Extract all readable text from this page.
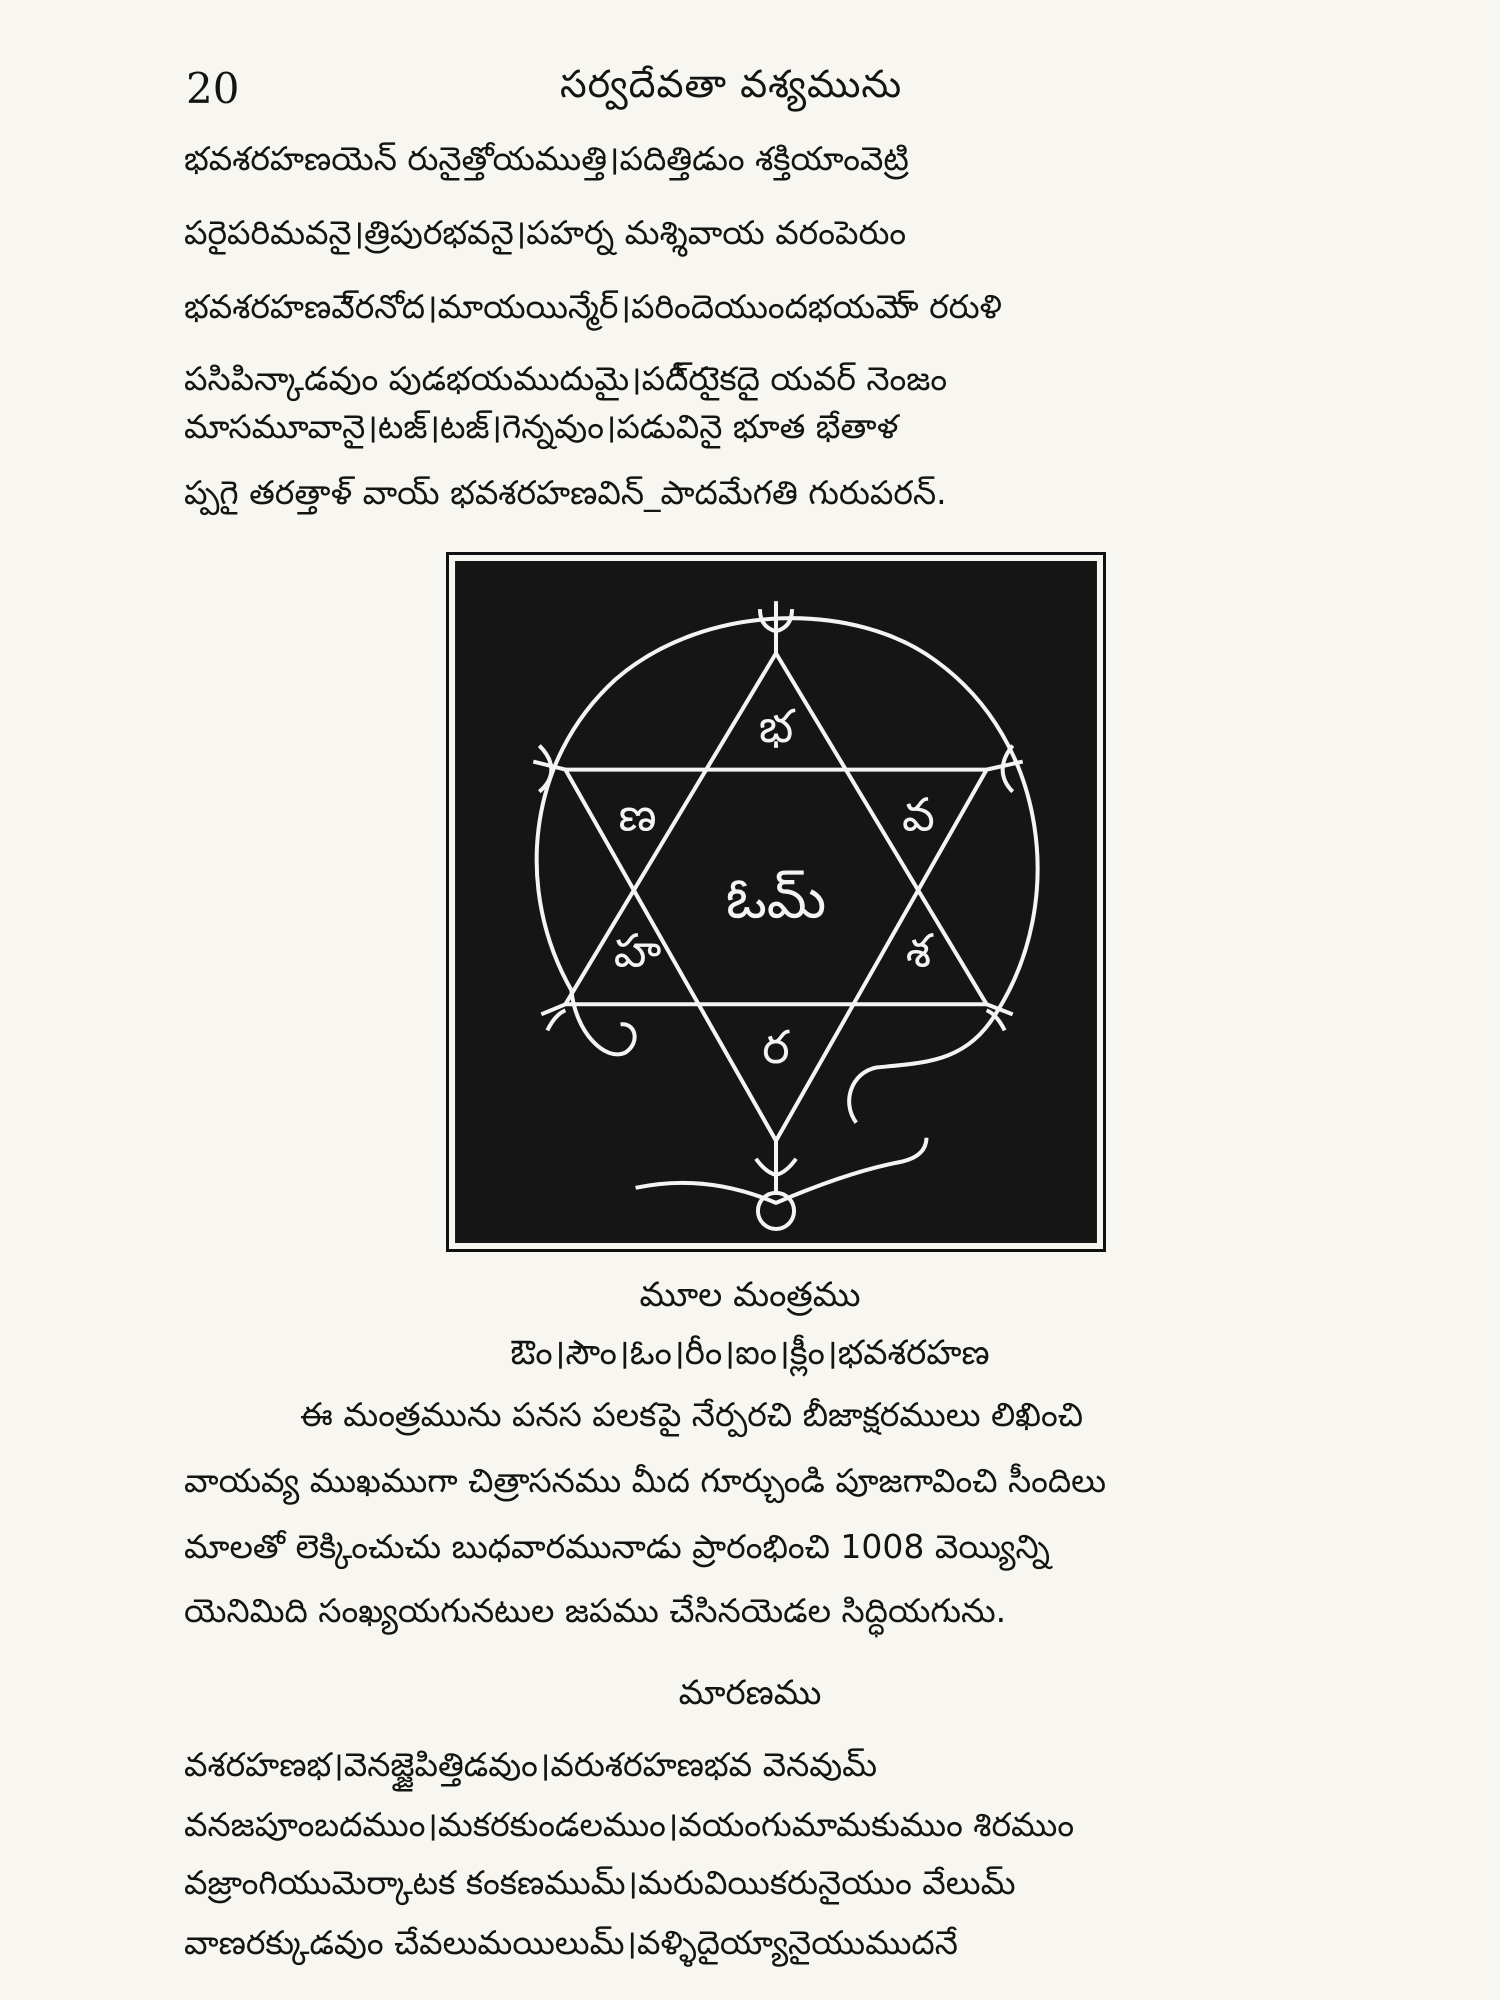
20	సర్వదేవతా వశ్యమును
భవశరహణయెన్ రునైత్తోయముత్తి।పదిత్తిడుం శక్తియాంవెట్రి
పరైపరిమవనై।త్రిపురభవనై।పహర్న మశ్శివాయ వరంపెరుం
భవశరహణవె్రనోద।మాయయిన్మేర్।పరిందెయుందభయమె్ా రరుళి
పసిపిన్కాడవుం పుడభయముదుమై।పదీ్రుైకదై యవర్ నెంజం
మాసమూవానై।టజ్।టజ్।గెన్నవుం।పడువినై భూత భేతాళ
ప్పగై తరత్తాళ్ వాయ్ భవశరహణవిన్_పాదమేగతి గురుపరన్.
ఓమ్
భ
వ
శ
ర
హ
ణ
మూల మంత్రము
ఔం।సౌం।ఓం।రీం।ఐం।క్లీం।భవశరహణ
ఈ మంత్రమును పనస పలకపై నేర్పరచి బీజాక్షరములు లిఖించి
వాయవ్య ముఖముగా చిత్రాసనము మీద గూర్చుండి పూజగావించి సీందిలు
మాలతో లెక్కించుచు బుధవారమునాడు ప్రారంభించి 1008 వెయ్యిన్ని
యెనిమిది సంఖ్యయగునటుల జపము చేసినయెడల సిద్ధియగును.
మారణము
వశరహణభ।వెనజ్జైపిత్తిడవుం।వరుశరహణభవ వెనవుమ్
వనజపూంబదముం।మకరకుండలముం।వయంగుమామకుముం శిరముం
వజ్రాంగియుమెర్కాటక కంకణముమ్।మరువియికరునైయుం వేలుమ్
వాణరక్కుడవుం చేవలుమయిలుమ్।వళ్ళిదైయ్యానైయుముదనే
